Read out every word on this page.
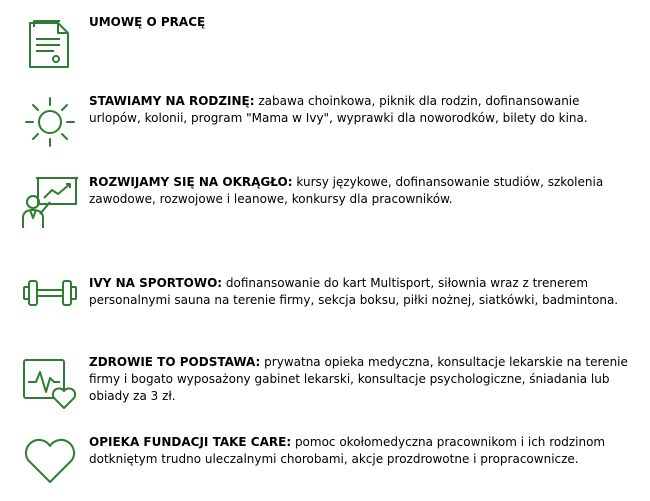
UMOWĘ O PRACĘ
STAWIAMY NA RODZINĘ: zabawa choinkowa, piknik dla rodzin, dofinansowanie urlopów, kolonii, program "Mama w Ivy", wyprawki dla noworodków, bilety do kina.
ROZWIJAMY SIĘ NA OKRĄGŁO: kursy językowe, dofinansowanie studiów, szkolenia zawodowe, rozwojowe i leanowe, konkursy dla pracowników.
IVY NA SPORTOWO: dofinansowanie do kart Multisport, siłownia wraz z trenerem personalnymi sauna na terenie firmy, sekcja boksu, piłki nożnej, siatkówki, badmintona.
ZDROWIE TO PODSTAWA: prywatna opieka medyczna, konsultacje lekarskie na terenie firmy i bogato wyposażony gabinet lekarski, konsultacje psychologiczne, śniadania lub obiady za 3 zł.
OPIEKA FUNDACJI TAKE CARE: pomoc okołomedyczna pracownikom i ich rodzinom dotkniętym trudno uleczalnymi chorobami, akcje prozdrowotne i propracownicze.
